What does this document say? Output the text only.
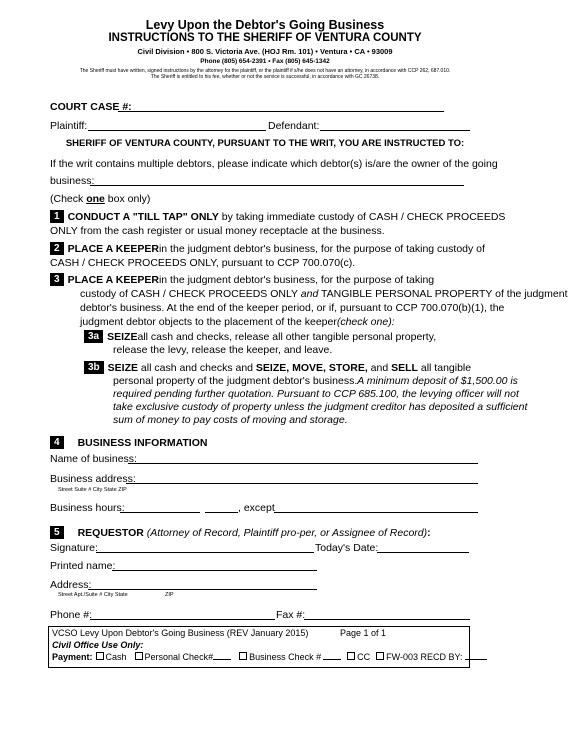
Levy Upon the Debtor's Going Business
INSTRUCTIONS TO THE SHERIFF OF VENTURA COUNTY
Civil Division • 800 S. Victoria Ave. (HOJ Rm. 101) • Ventura • CA • 93009
Phone (805) 654-2391 • Fax (805) 645-1342
The Sheriff must have written, signed instructions by the attorney for the plaintiff, or the plaintiff if s/he does not have an attorney, in accordance with CCP 262, 687.010.
The Sheriff is entitled to his fee, whether or not the service is successful, in accordance with GC 26738.
COURT CASE #:
Plaintiff:	Defendant:
SHERIFF OF VENTURA COUNTY, PURSUANT TO THE WRIT, YOU ARE INSTRUCTED TO:
If the writ contains multiple debtors, please indicate which debtor(s) is/are the owner of the going
business:
(Check one box only)
1 CONDUCT A "TILL TAP" ONLY by taking immediate custody of CASH / CHECK PROCEEDS
ONLY from the cash register or usual money receptacle at the business.
2 PLACE A KEEPERin the judgment debtor's business, for the purpose of taking custody of
CASH / CHECK PROCEEDS ONLY, pursuant to CCP 700.070(c).
3 PLACE A KEEPERin the judgment debtor's business, for the purpose of taking
custody of CASH / CHECK PROCEEDS ONLY and TANGIBLE PERSONAL PROPERTY of the judgment
debtor's business. At the end of the keeper period, or if, pursuant to CCP 700.070(b)(1), the
judgment debtor objects to the placement of the keeper(check one):
3a SEIZEall cash and checks, release all other tangible personal property,
release the levy, release the keeper, and leave.
3b SEIZE all cash and checks and SEIZE, MOVE, STORE, and SELL all tangible
personal property of the judgment debtor's business.A minimum deposit of $1,500.00 is
required pending further quotation. Pursuant to CCP 685.100, the levying officer will not
take exclusive custody of property unless the judgment creditor has deposited a sufficient
sum of money to pay costs of moving and storage.
4 BUSINESS INFORMATION
Name of business:
Business address:
Street Suite # City State ZIP
Business hours:	, except
5 REQUESTOR (Attorney of Record, Plaintiff pro-per, or Assignee of Record):
Signature:	Today's Date:
Printed name:
Address:
Street Apt./Suite # City State	ZIP
Phone #:	Fax #:
VCSO Levy Upon Debtor's Going Business (REV January 2015)	Page 1 of 1
Civil Office Use Only:
Payment: Cash Personal Check#	Business Check #	CC FW-003 RECD BY:
